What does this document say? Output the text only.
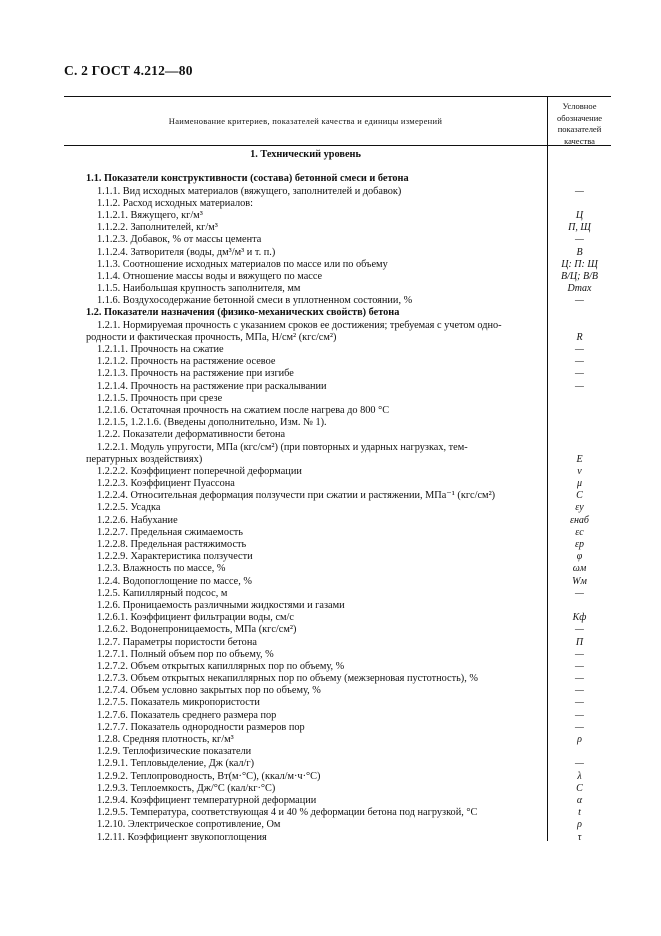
С. 2 ГОСТ 4.212—80
Наименование критериев, показателей качества и единицы измерений
Условное
обозначение
показателей
качества
1. Технический уровень
1.1. Показатели конструктивности (состава) бетонной смеси и бетона
1.1.1. Вид исходных материалов (вяжущего, заполнителей и добавок)	—
1.1.2. Расход исходных материалов:
1.1.2.1. Вяжущего, кг/м³	Ц
1.1.2.2. Заполнителей, кг/м³	П, Щ
1.1.2.3. Добавок, % от массы цемента	—
1.1.2.4. Затворителя (воды, дм³/м³ и т. п.)	В
1.1.3. Соотношение исходных материалов по массе или по объему	Ц: П: Щ
1.1.4. Отношение массы воды и вяжущего по массе	В/Ц; В/В
1.1.5. Наибольшая крупность заполнителя, мм	Dmax
1.1.6. Воздухосодержание бетонной смеси в уплотненном состоянии, %	—
1.2. Показатели назначения (физико-механических свойств) бетона
1.2.1. Нормируемая прочность с указанием сроков ее достижения; требуемая с учетом одно-
родности и фактическая прочность, МПа, Н/см² (кгс/см²)	R
1.2.1.1. Прочность на сжатие	—
1.2.1.2. Прочность на растяжение осевое	—
1.2.1.3. Прочность на растяжение при изгибе	—
1.2.1.4. Прочность на растяжение при раскалывании	—
1.2.1.5. Прочность при срезе
1.2.1.6. Остаточная прочность на сжатием после нагрева до 800 °С
1.2.1.5, 1.2.1.6. (Введены дополнительно, Изм. № 1).
1.2.2. Показатели деформативности бетона
1.2.2.1. Модуль упругости, МПа (кгс/см²) (при повторных и ударных нагрузках, тем-
пературных воздействиях)	E
1.2.2.2. Коэффициент поперечной деформации	ν
1.2.2.3. Коэффициент Пуассона	μ
1.2.2.4. Относительная деформация ползучести при сжатии и растяжении, МПа⁻¹ (кгс/см²)	C
1.2.2.5. Усадка	εу
1.2.2.6. Набухание	εнаб
1.2.2.7. Предельная сжимаемость	εс
1.2.2.8. Предельная растяжимость	εр
1.2.2.9. Характеристика ползучести	φ
1.2.3. Влажность по массе, %	ωм
1.2.4. Водопоглощение по массе, %	Wм
1.2.5. Капиллярный подсос, м	—
1.2.6. Проницаемость различными жидкостями и газами
1.2.6.1. Коэффициент фильтрации воды, см/с	Kф
1.2.6.2. Водонепроницаемость, МПа (кгс/см²)	—
1.2.7. Параметры пористости бетона	П
1.2.7.1. Полный объем пор по объему, %	—
1.2.7.2. Объем открытых капиллярных пор по объему, %	—
1.2.7.3. Объем открытых некапиллярных пор по объему (межзерновая пустотность), %	—
1.2.7.4. Объем условно закрытых пор по объему, %	—
1.2.7.5. Показатель микропористости	—
1.2.7.6. Показатель среднего размера пор	—
1.2.7.7. Показатель однородности размеров пор	—
1.2.8. Средняя плотность, кг/м³	ρ
1.2.9. Теплофизические показатели
1.2.9.1. Тепловыделение, Дж (кал/г)	—
1.2.9.2. Теплопроводность, Вт(м·°С), (ккал/м·ч·°С)	λ
1.2.9.3. Теплоемкость, Дж/°С (кал/кг·°С)	C
1.2.9.4. Коэффициент температурной деформации	α
1.2.9.5. Температура, соответствующая 4 и 40 % деформации бетона под нагрузкой, °С	t
1.2.10. Электрическое сопротивление, Ом	ρ
1.2.11. Коэффициент звукопоглощения	τ
